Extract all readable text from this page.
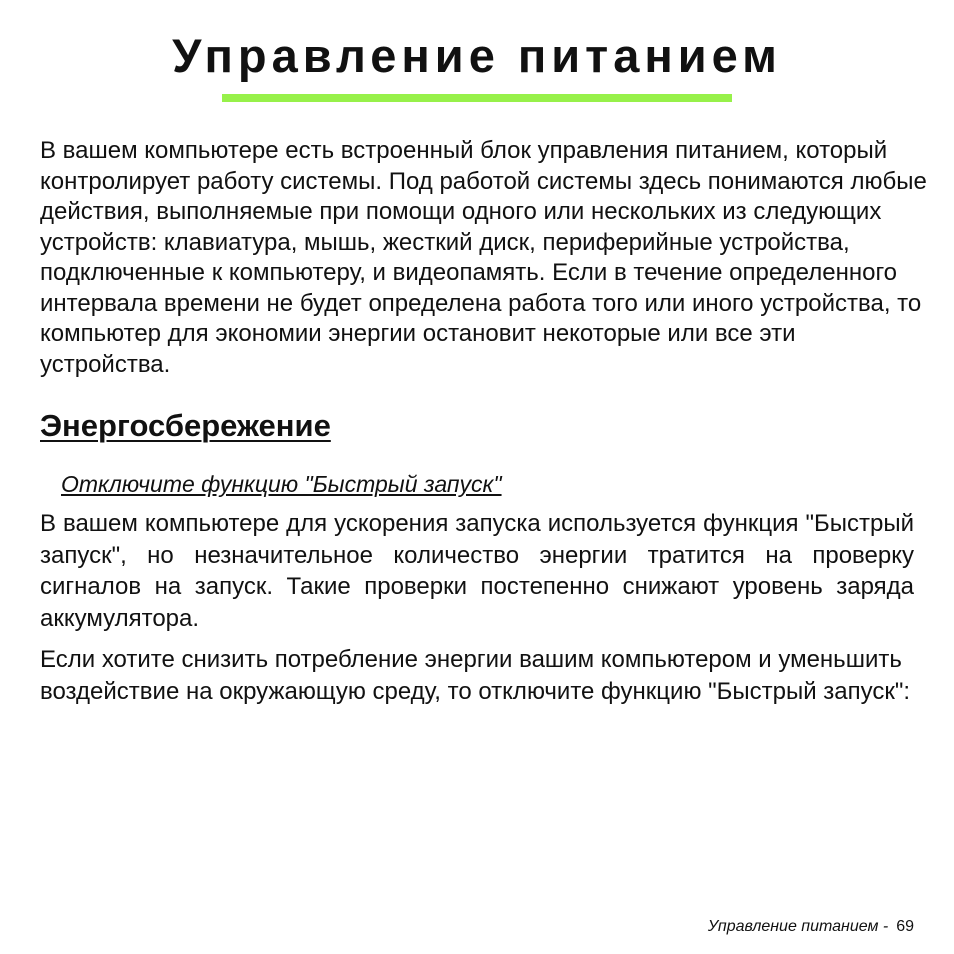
Управление питанием

В вашем компьютере есть встроенный блок управления питанием, который контролирует работу системы. Под работой системы здесь понимаются любые действия, выполняемые при помощи одного или нескольких из следующих устройств: клавиатура, мышь, жесткий диск, периферийные устройства, подключенные к компьютеру, и видеопамять. Если в течение определенного интервала времени не будет определена работа того или иного устройства, то компьютер для экономии энергии остановит некоторые или все эти устройства.

Энергосбережение
Отключите функцию "Быстрый запуск"

В вашем компьютере для ускорения запуска используется функция "Быстрый запуск", но незначительное количество энергии тратится на проверку сигналов на запуск. Такие проверки постепенно снижают уровень заряда аккумулятора.

Если хотите снизить потребление энергии вашим компьютером и уменьшить воздействие на окружающую среду, то отключите функцию "Быстрый запуск":

Управление питанием - 69
